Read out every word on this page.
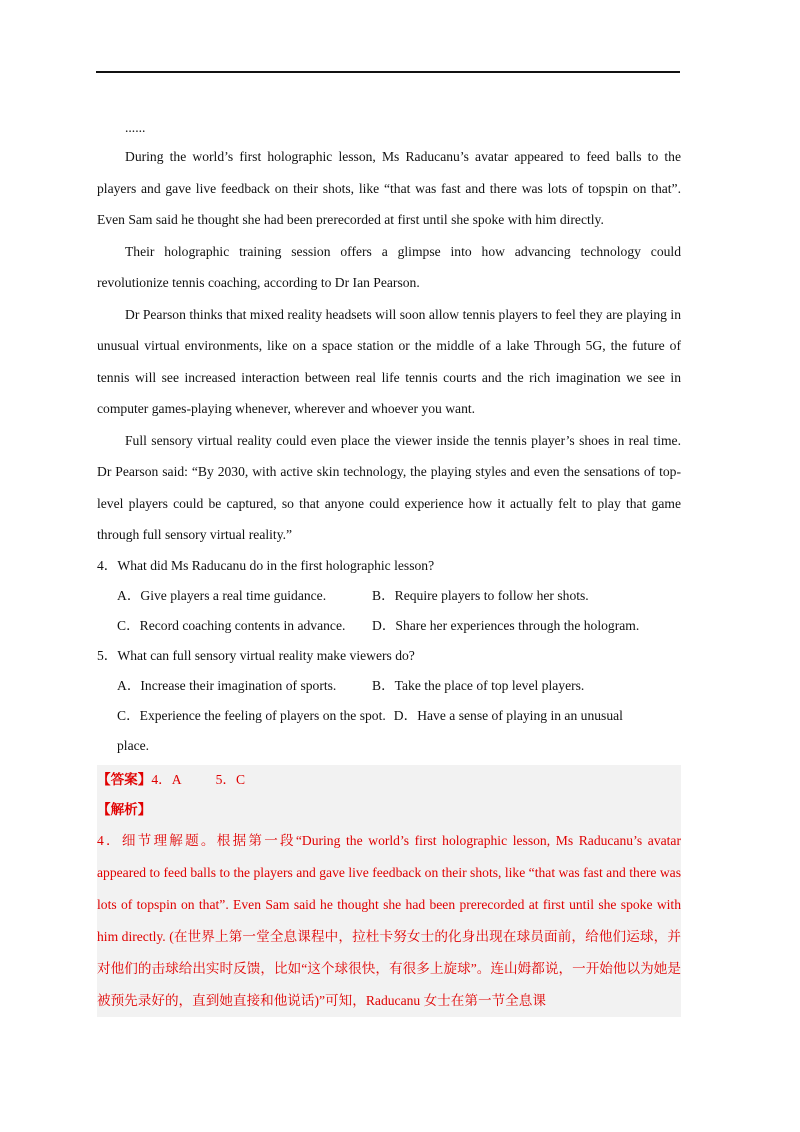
......

During the world’s first holographic lesson, Ms Raducanu’s avatar appeared to feed balls to the players and gave live feedback on their shots, like “that was fast and there was lots of topspin on that”. Even Sam said he thought she had been prerecorded at first until she spoke with him directly.

Their holographic training session offers a glimpse into how advancing technology could revolutionize tennis coaching, according to Dr Ian Pearson.

Dr Pearson thinks that mixed reality headsets will soon allow tennis players to feel they are playing in unusual virtual environments, like on a space station or the middle of a lake Through 5G, the future of tennis will see increased interaction between real life tennis courts and the rich imagination we see in computer games-playing whenever, wherever and whoever you want.

Full sensory virtual reality could even place the viewer inside the tennis player’s shoes in real time. Dr Pearson said: “By 2030, with active skin technology, the playing styles and even the sensations of top-level players could be captured, so that anyone could experience how it actually felt to play that game through full sensory virtual reality.”

4．What did Ms Raducanu do in the first holographic lesson?

A．Give players a real time guidance.	B．Require players to follow her shots.
C．Record coaching contents in advance.	D．Share her experiences through the hologram.

5．What can full sensory virtual reality make viewers do?

A．Increase their imagination of sports.	B．Take the place of top level players.
C．Experience the feeling of players on the spot. D．Have a sense of playing in an unusual
place.
【答案】4．A	5．C
【解析】
4．细节理解题。根据第一段“During the world’s first holographic lesson, Ms Raducanu’s avatar appeared to feed balls to the players and gave live feedback on their shots, like “that was fast and there was lots of topspin on that”. Even Sam said he thought she had been prerecorded at first until she spoke with him directly. (在世界上第一堂全息课程中，拉杜卡努女士的化身出现在球员面前，给他们运球，并对他们的击球给出实时反馈，比如“这个球很快，有很多上旋球”。连山姆都说，一开始他以为她是被预先录好的，直到她直接和他说话)”可知，Raducanu 女士在第一节全息课
